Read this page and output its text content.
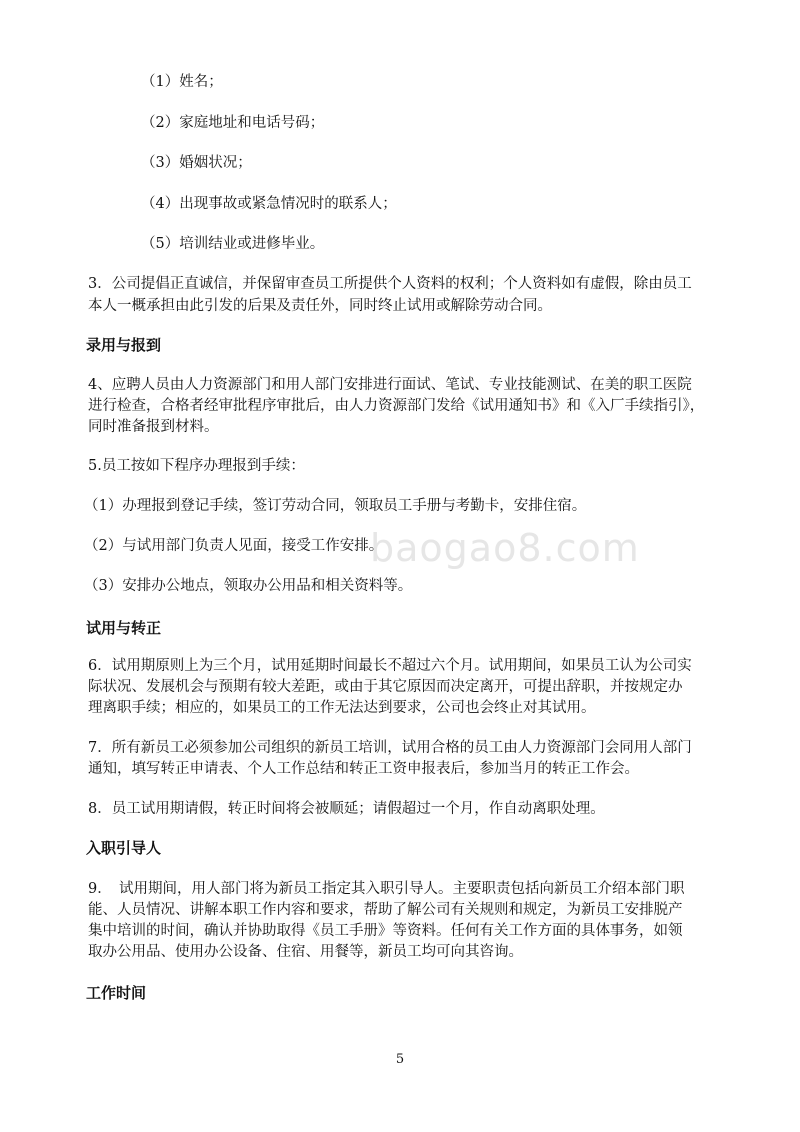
baogao8.com
（1）姓名；
（2）家庭地址和电话号码；
（3）婚姻状况；
（4）出现事故或紧急情况时的联系人；
（5）培训结业或进修毕业。
3．公司提倡正直诚信，并保留审查员工所提供个人资料的权利；个人资料如有虚假，除由员工
本人一概承担由此引发的后果及责任外，同时终止试用或解除劳动合同。
录用与报到
4、应聘人员由人力资源部门和用人部门安排进行面试、笔试、专业技能测试、在美的职工医院
进行检查，合格者经审批程序审批后，由人力资源部门发给《试用通知书》和《入厂手续指引》，
同时准备报到材料。
5.员工按如下程序办理报到手续：
（1）办理报到登记手续，签订劳动合同，领取员工手册与考勤卡，安排住宿。
（2）与试用部门负责人见面，接受工作安排。
（3）安排办公地点，领取办公用品和相关资料等。
试用与转正
6．试用期原则上为三个月，试用延期时间最长不超过六个月。试用期间，如果员工认为公司实
际状况、发展机会与预期有较大差距，或由于其它原因而决定离开，可提出辞职，并按规定办
理离职手续；相应的，如果员工的工作无法达到要求，公司也会终止对其试用。
7．所有新员工必须参加公司组织的新员工培训，试用合格的员工由人力资源部门会同用人部门
通知，填写转正申请表、个人工作总结和转正工资申报表后，参加当月的转正工作会。
8．员工试用期请假，转正时间将会被顺延；请假超过一个月，作自动离职处理。
入职引导人
9．　试用期间，用人部门将为新员工指定其入职引导人。主要职责包括向新员工介绍本部门职
能、人员情况、讲解本职工作内容和要求，帮助了解公司有关规则和规定，为新员工安排脱产
集中培训的时间，确认并协助取得《员工手册》等资料。任何有关工作方面的具体事务，如领
取办公用品、使用办公设备、住宿、用餐等，新员工均可向其咨询。
工作时间
5
